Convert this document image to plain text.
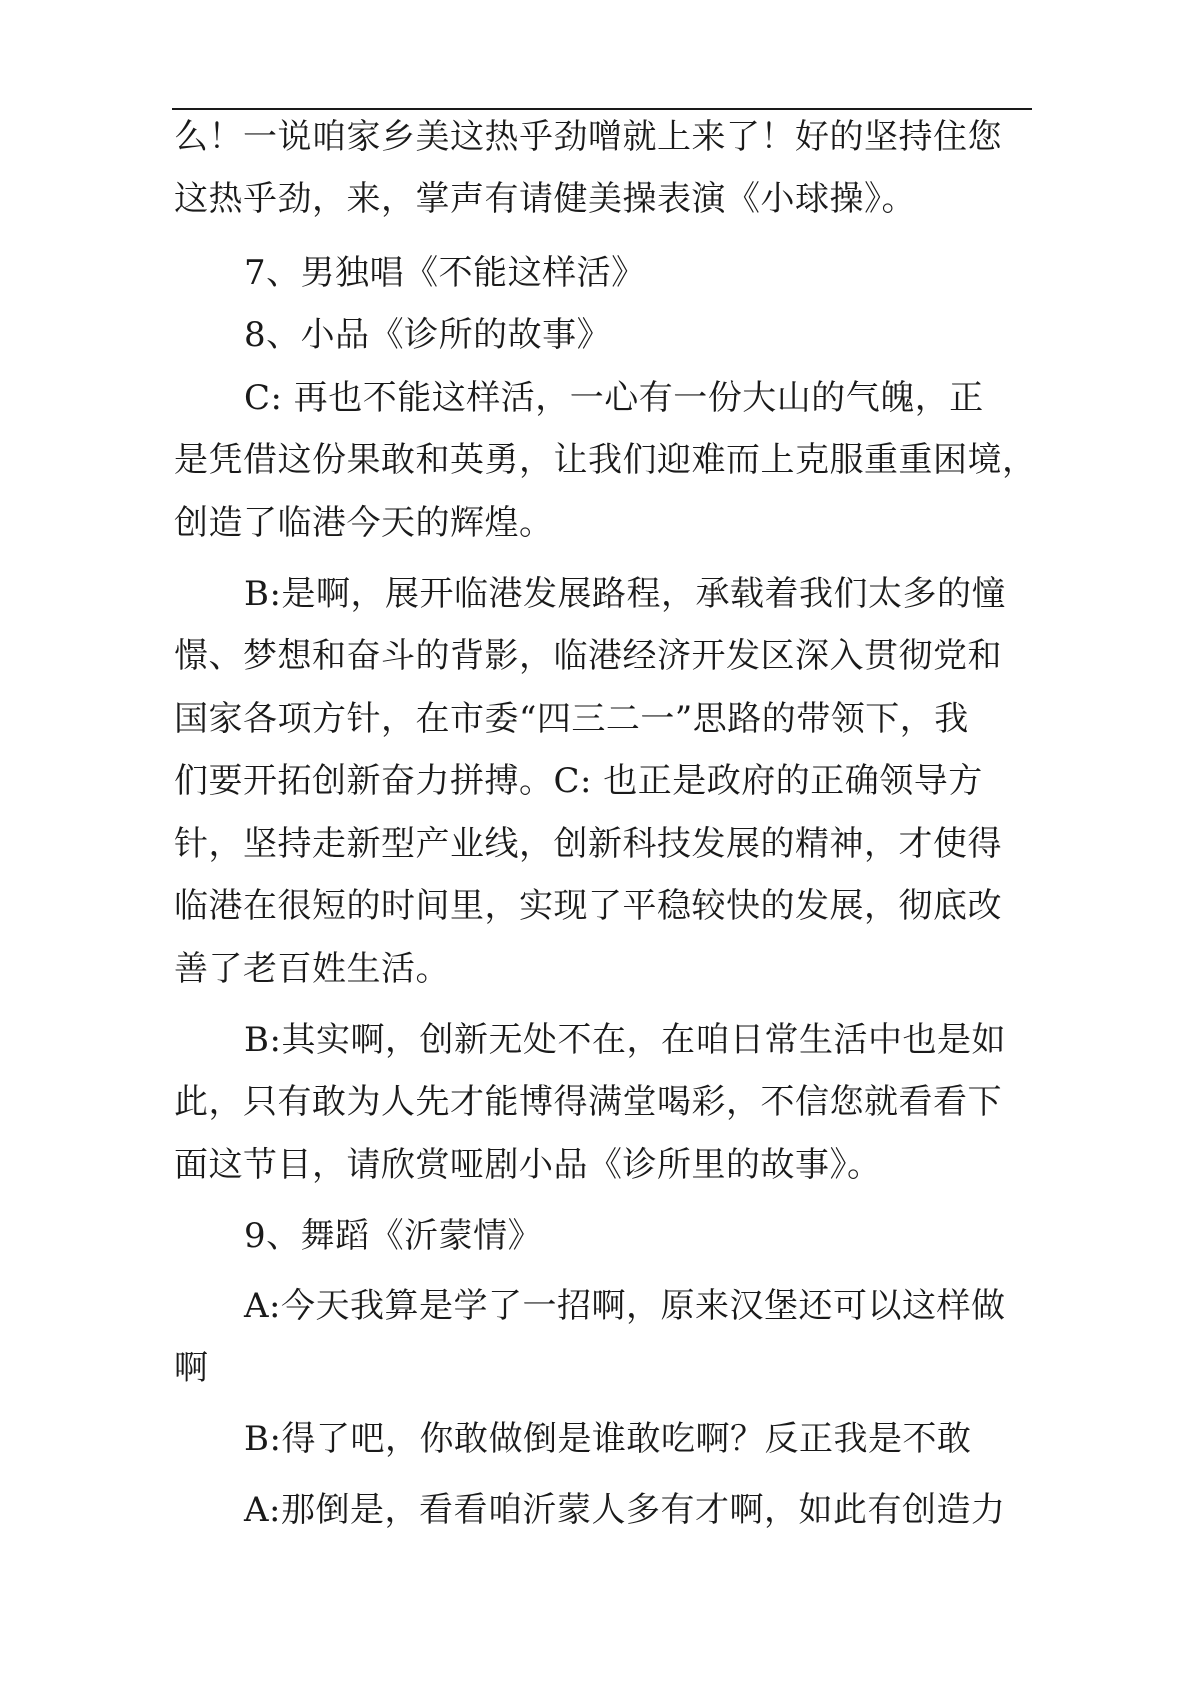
么！一说咱家乡美这热乎劲噌就上来了！好的坚持住您
这热乎劲，来，掌声有请健美操表演《小球操》。
7、男独唱《不能这样活》
8、小品《诊所的故事》
C: 再也不能这样活，一心有一份大山的气魄，正
是凭借这份果敢和英勇，让我们迎难而上克服重重困境，
创造了临港今天的辉煌。
B:是啊，展开临港发展路程，承载着我们太多的憧
憬、梦想和奋斗的背影，临港经济开发区深入贯彻党和
国家各项方针，在市委“四三二一”思路的带领下，我
们要开拓创新奋力拼搏。C: 也正是政府的正确领导方
针，坚持走新型产业线，创新科技发展的精神，才使得
临港在很短的时间里，实现了平稳较快的发展，彻底改
善了老百姓生活。
B:其实啊，创新无处不在，在咱日常生活中也是如
此，只有敢为人先才能博得满堂喝彩，不信您就看看下
面这节目，请欣赏哑剧小品《诊所里的故事》。
9、舞蹈《沂蒙情》
A:今天我算是学了一招啊，原来汉堡还可以这样做
啊
B:得了吧，你敢做倒是谁敢吃啊？反正我是不敢
A:那倒是，看看咱沂蒙人多有才啊，如此有创造力
